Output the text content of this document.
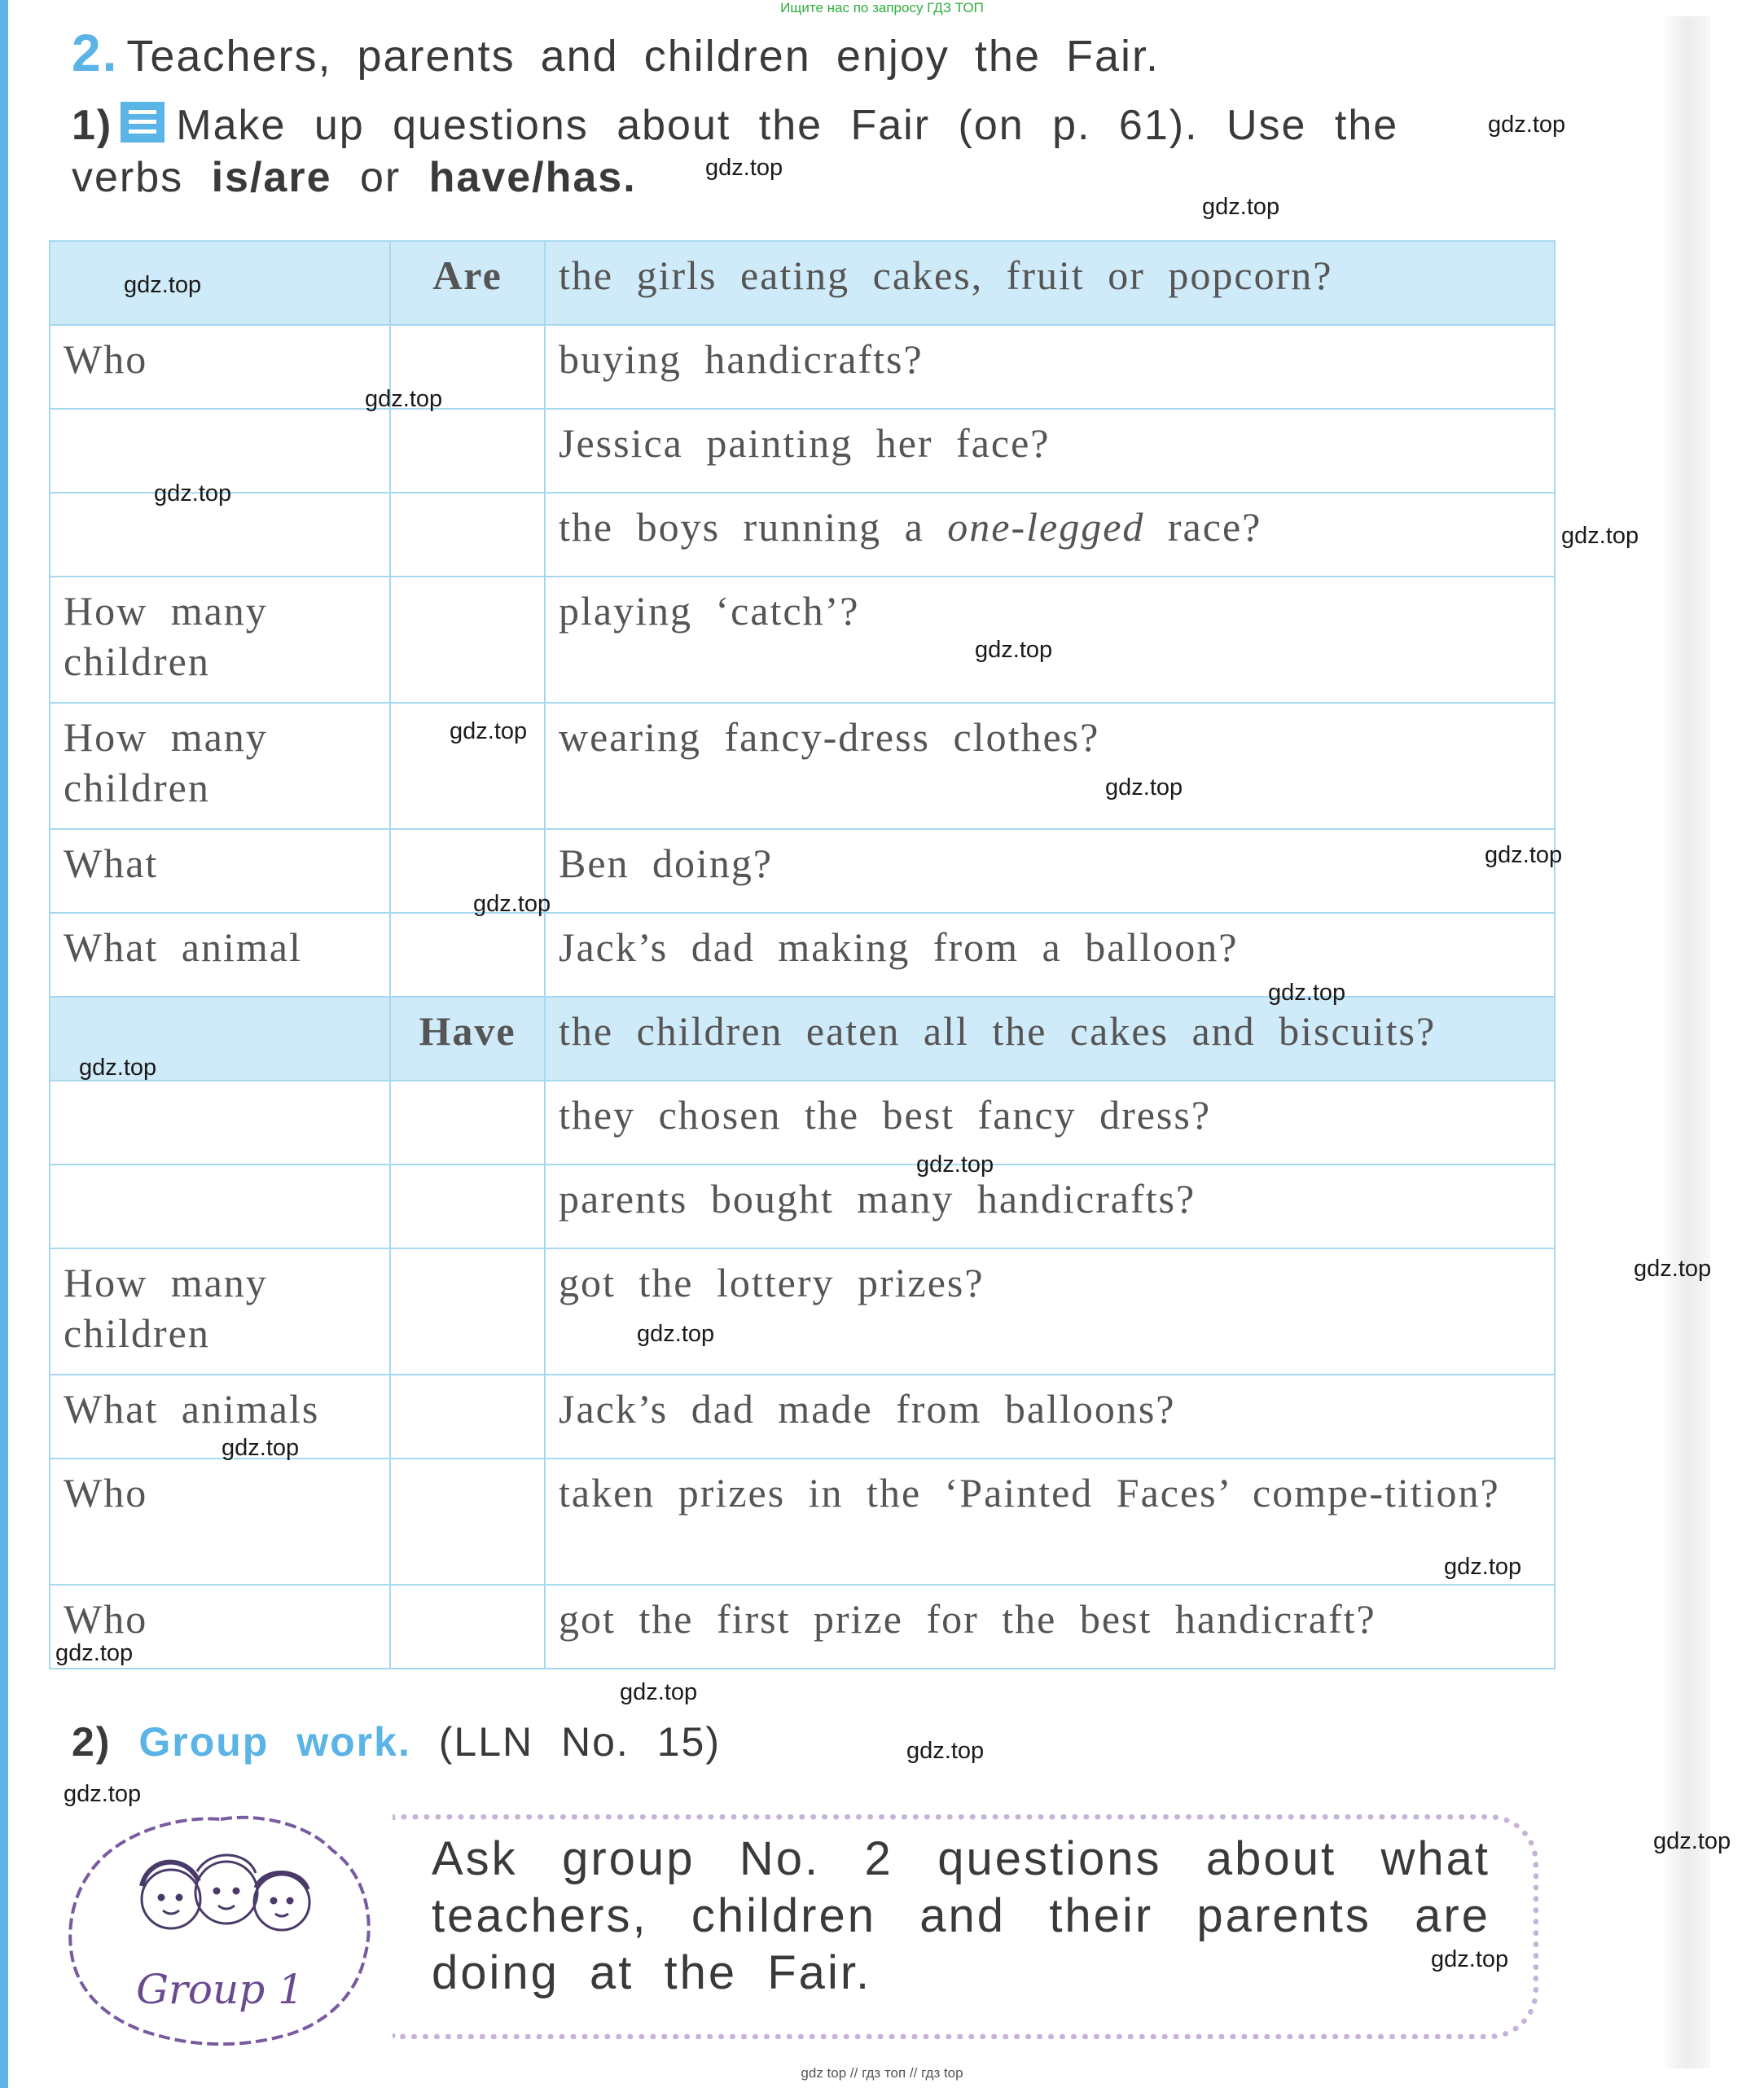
Ищите нас по запросу ГДЗ ТОП
2. Teachers, parents and children enjoy the Fair.
1) Make up questions about the Fair (on p. 61). Use the
verbs is/are or have/has.
	Are	the girls eating cakes, fruit or popcorn?
Who		buying handicrafts?
		Jessica painting her face?
		the boys running a one-legged race?
How many children		playing ‘catch’?
How many children		wearing fancy-dress clothes?
What		Ben doing?
What animal		Jack’s dad making from a balloon?
	Have	the children eaten all the cakes and biscuits?
		they chosen the best fancy dress?
		parents bought many handicrafts?
How many children		got the lottery prizes?
What animals		Jack’s dad made from balloons?
Who		taken prizes in the ‘Painted Faces’ compe-tition?
Who		got the first prize for the best handicraft?
2) Group work. (LLN No. 15)
Group 1
Ask group No. 2 questions about what teachers, children and their parents are doing at the Fair.
gdz.top
gdz.top
gdz.top
gdz.top
gdz.top
gdz.top
gdz.top
gdz.top
gdz.top
gdz.top
gdz.top
gdz.top
gdz.top
gdz.top
gdz.top
gdz.top
gdz.top
gdz.top
gdz.top
gdz.top
gdz.top
gdz.top
gdz.top
gdz.top
gdz.top
gdz top // гдз топ // гдз top
